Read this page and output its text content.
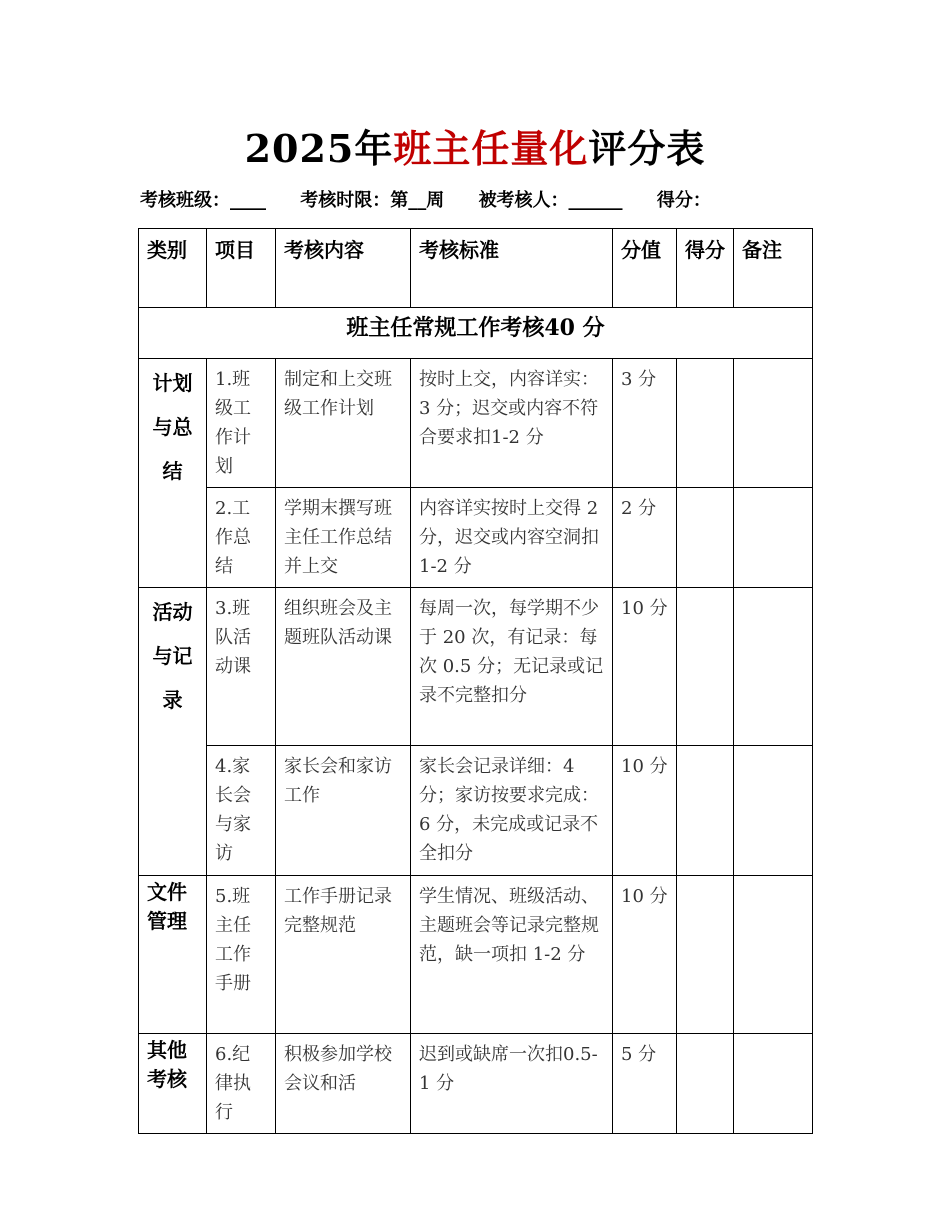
2025年班主任量化评分表
考核班级：____ 考核时限：第__周 被考核人：______ 得分：
类别	项目	考核内容	考核标准	分值	得分	备注
班主任常规工作考核40 分						
计划与总结	1.班级工作计划	制定和上交班级工作计划	按时上交，内容详实：3 分；迟交或内容不符合要求扣1-2 分	3 分		
	2.工作总结	学期末撰写班主任工作总结并上交	内容详实按时上交得 2 分，迟交或内容空洞扣 1-2 分	2 分		
活动与记录	3.班队活动课	组织班会及主题班队活动课	每周一次，每学期不少于 20 次，有记录：每次 0.5 分；无记录或记录不完整扣分	10 分		
	4.家长会与家访	家长会和家访工作	家长会记录详细：4 分；家访按要求完成：6 分，未完成或记录不全扣分	10 分		
文件管理	5.班主任工作手册	工作手册记录完整规范	学生情况、班级活动、主题班会等记录完整规范，缺一项扣 1-2 分	10 分		
其他考核	6.纪律执行	积极参加学校会议和活	迟到或缺席一次扣0.5-1 分	5 分		
